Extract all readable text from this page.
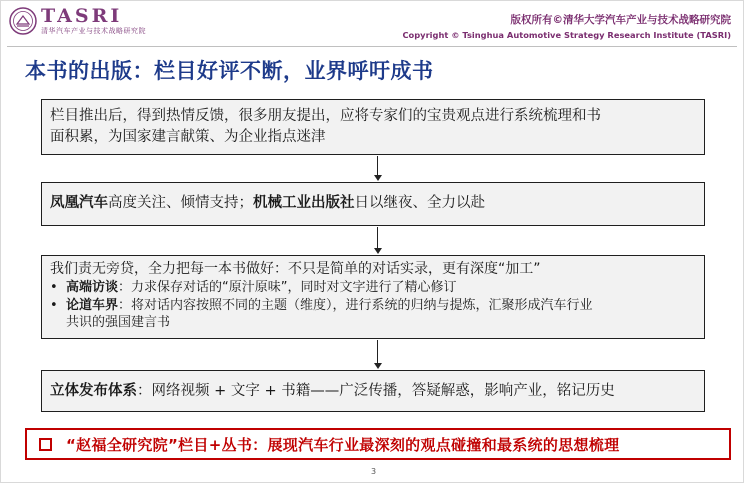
TASRI
清华汽车产业与技术战略研究院
版权所有©清华大学汽车产业与技术战略研究院
Copyright © Tsinghua Automotive Strategy Research Institute (TASRI)
本书的出版：栏目好评不断，业界呼吁成书
栏目推出后，得到热情反馈，很多朋友提出，应将专家们的宝贵观点进行系统梳理和书
面积累，为国家建言献策、为企业指点迷津
凤凰汽车高度关注、倾情支持；机械工业出版社日以继夜、全力以赴
我们责无旁贷，全力把每一本书做好：不只是简单的对话实录，更有深度“加工”
• 高端访谈：力求保存对话的“原汁原味”，同时对文字进行了精心修订
• 论道车界：将对话内容按照不同的主题（维度），进行系统的归纳与提炼，汇聚形成汽车行业
共识的强国建言书
立体发布体系：网络视频 + 文字 + 书籍——广泛传播，答疑解惑，影响产业，铭记历史
“赵福全研究院”栏目+丛书：展现汽车行业最深刻的观点碰撞和最系统的思想梳理
3
